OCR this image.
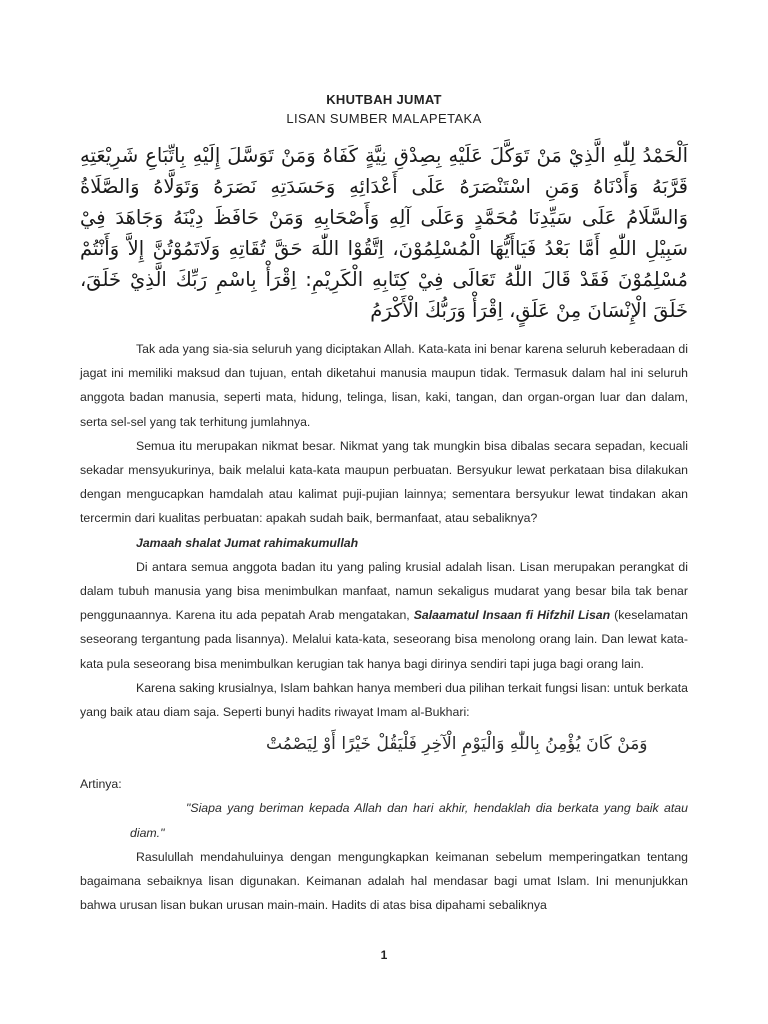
KHUTBAH JUMAT
LISAN SUMBER MALAPETAKA
اَلْحَمْدُ لِلّٰهِ الَّذِيْ مَنْ تَوَكَّلَ عَلَيْهِ بِصِدْقِ نِيَّةٍ كَفَاهُ وَمَنْ تَوَسَّلَ إِلَيْهِ بِاتِّبَاعِ شَرِيْعَتِهِ قَرَّبَهُ وَأَدْنَاهُ وَمَنِ اسْتَنْصَرَهُ عَلَى أَعْدَائِهِ وَحَسَدَتِهِ نَصَرَهُ وَتَوَلَّاهُ وَالصَّلَاةُ وَالسَّلَامُ عَلَى سَيِّدِنَا مُحَمَّدٍ وَعَلَى آلِهِ وَأَصْحَابِهِ وَمَنْ حَافَظَ دِيْنَهُ وَجَاهَدَ فِيْ سَبِيْلِ اللّٰهِ أَمَّا بَعْدُ فَيَاأَيُّهَا الْمُسْلِمُوْنَ، اِتَّقُوْا اللّٰهَ حَقَّ تُقَاتِهِ وَلَاتَمُوْتُنَّ إِلاَّ وَأَنْتُمْ مُسْلِمُوْنَ فَقَدْ قَالَ اللّٰهُ تَعَالَى فِيْ كِتَابِهِ الْكَرِيْمِ: اِقْرَأْ بِاسْمِ رَبِّكَ الَّذِيْ خَلَقَ، خَلَقَ الْإِنْسَانَ مِنْ عَلَقٍ، اِقْرَأْ وَرَبُّكَ الْأَكْرَمُ

Tak ada yang sia-sia seluruh yang diciptakan Allah. Kata-kata ini benar karena seluruh keberadaan di jagat ini memiliki maksud dan tujuan, entah diketahui manusia maupun tidak. Termasuk dalam hal ini seluruh anggota badan manusia, seperti mata, hidung, telinga, lisan, kaki, tangan, dan organ-organ luar dan dalam, serta sel-sel yang tak terhitung jumlahnya.

Semua itu merupakan nikmat besar. Nikmat yang tak mungkin bisa dibalas secara sepadan, kecuali sekadar mensyukurinya, baik melalui kata-kata maupun perbuatan. Bersyukur lewat perkataan bisa dilakukan dengan mengucapkan hamdalah atau kalimat puji-pujian lainnya; sementara bersyukur lewat tindakan akan tercermin dari kualitas perbuatan: apakah sudah baik, bermanfaat, atau sebaliknya?

Jamaah shalat Jumat rahimakumullah

Di antara semua anggota badan itu yang paling krusial adalah lisan. Lisan merupakan perangkat di dalam tubuh manusia yang bisa menimbulkan manfaat, namun sekaligus mudarat yang besar bila tak benar penggunaannya. Karena itu ada pepatah Arab mengatakan, Salaamatul Insaan fi Hifzhil Lisan (keselamatan seseorang tergantung pada lisannya). Melalui kata-kata, seseorang bisa menolong orang lain. Dan lewat kata-kata pula seseorang bisa menimbulkan kerugian tak hanya bagi dirinya sendiri tapi juga bagi orang lain.

Karena saking krusialnya, Islam bahkan hanya memberi dua pilihan terkait fungsi lisan: untuk berkata yang baik atau diam saja. Seperti bunyi hadits riwayat Imam al-Bukhari:

وَمَنْ كَانَ يُؤْمِنُ بِاللّٰهِ وَالْيَوْمِ الْآخِرِ فَلْيَقُلْ خَيْرًا أَوْ لِيَصْمُتْ

Artinya:

"Siapa yang beriman kepada Allah dan hari akhir, hendaklah dia berkata yang baik atau diam."

Rasulullah mendahuluinya dengan mengungkapkan keimanan sebelum memperingatkan tentang bagaimana sebaiknya lisan digunakan. Keimanan adalah hal mendasar bagi umat Islam. Ini menunjukkan bahwa urusan lisan bukan urusan main-main. Hadits di atas bisa dipahami sebaliknya

1
